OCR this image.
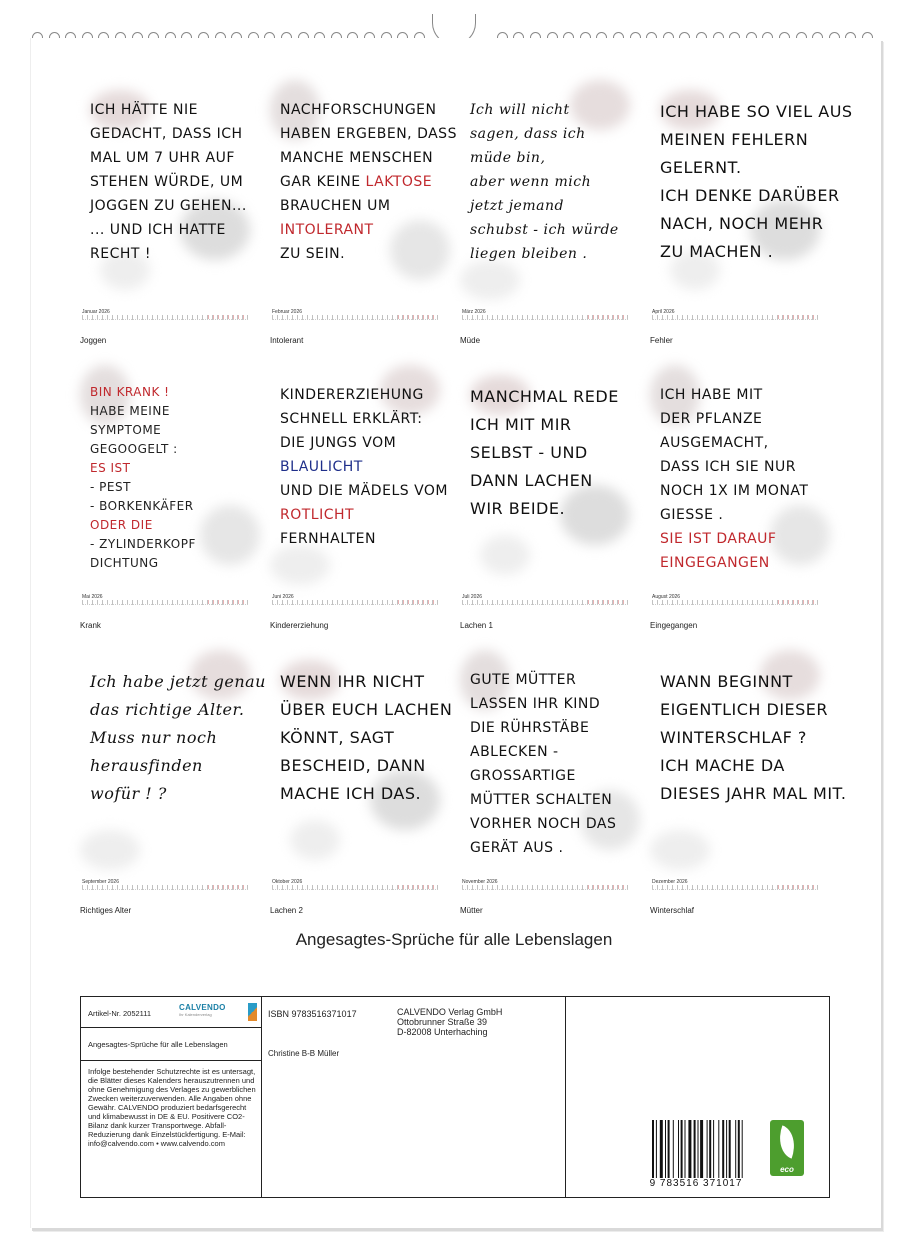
ICH HÄTTE NIE
GEDACHT, DASS ICH
MAL UM 7 UHR AUF
STEHEN WÜRDE, UM
JOGGEN ZU GEHEN...
... UND ICH HATTE
RECHT !
Januar 2026
Joggen
NACHFORSCHUNGEN
HABEN ERGEBEN, DASS
MANCHE MENSCHEN
GAR KEINE LAKTOSE
BRAUCHEN UM
INTOLERANT
ZU SEIN.
Februar 2026
Intolerant
Ich will nicht
sagen, dass ich
müde bin,
aber wenn mich
jetzt jemand
schubst - ich würde
liegen bleiben .
März 2026
Müde
ICH HABE SO VIEL AUS
MEINEN FEHLERN
GELERNT.
ICH DENKE DARÜBER
NACH, NOCH MEHR
ZU MACHEN .
April 2026
Fehler
BIN KRANK !
HABE MEINE
SYMPTOME
GEGOOGELT :
ES IST
- PEST
- BORKENKÄFER
ODER DIE
- ZYLINDERKOPF
DICHTUNG
Mai 2026
Krank
KINDERERZIEHUNG
SCHNELL ERKLÄRT:
DIE JUNGS VOM
BLAULICHT
UND DIE MÄDELS VOM
ROTLICHT
FERNHALTEN
Juni 2026
Kindererziehung
MANCHMAL REDE
ICH MIT MIR
SELBST - UND
DANN LACHEN
WIR BEIDE.
Juli 2026
Lachen 1
ICH HABE MIT
DER PFLANZE
AUSGEMACHT,
DASS ICH SIE NUR
NOCH 1X IM MONAT
GIESSE .
SIE IST DARAUF
EINGEGANGEN
August 2026
Eingegangen
Ich habe jetzt genau
das richtige Alter.
Muss nur noch
herausfinden
wofür ! ?
September 2026
Richtiges Alter
WENN IHR NICHT
ÜBER EUCH LACHEN
KÖNNT, SAGT
BESCHEID, DANN
MACHE ICH DAS.
Oktober 2026
Lachen 2
GUTE MÜTTER
LASSEN IHR KIND
DIE RÜHRSTÄBE
ABLECKEN -
GROSSARTIGE
MÜTTER SCHALTEN
VORHER NOCH DAS
GERÄT AUS .
November 2026
Mütter
WANN BEGINNT
EIGENTLICH DIESER
WINTERSCHLAF ?
ICH MACHE DA
DIESES JAHR MAL MIT.
Dezember 2026
Winterschlaf
Angesagtes-Sprüche für alle Lebenslagen
Artikel-Nr. 2052111
CALVENDO
Ihr Kalenderverlag
Angesagtes-Sprüche für alle Lebenslagen
Infolge bestehender Schutzrechte ist es untersagt, die Blätter dieses Kalenders herauszutrennen und ohne Genehmigung des Verlages zu gewerblichen Zwecken weiterzuverwenden. Alle Angaben ohne Gewähr. CALVENDO produziert bedarfsgerecht und klimabewusst in DE & EU. Positivere CO2-Bilanz dank kurzer Transportwege. Abfall-Reduzierung dank Einzelstückfertigung. E-Mail: info@calvendo.com • www.calvendo.com
ISBN 9783516371017
Christine B-B Müller
CALVENDO Verlag GmbH
Ottobrunner Straße 39
D-82008 Unterhaching
9 783516 371017
eco
